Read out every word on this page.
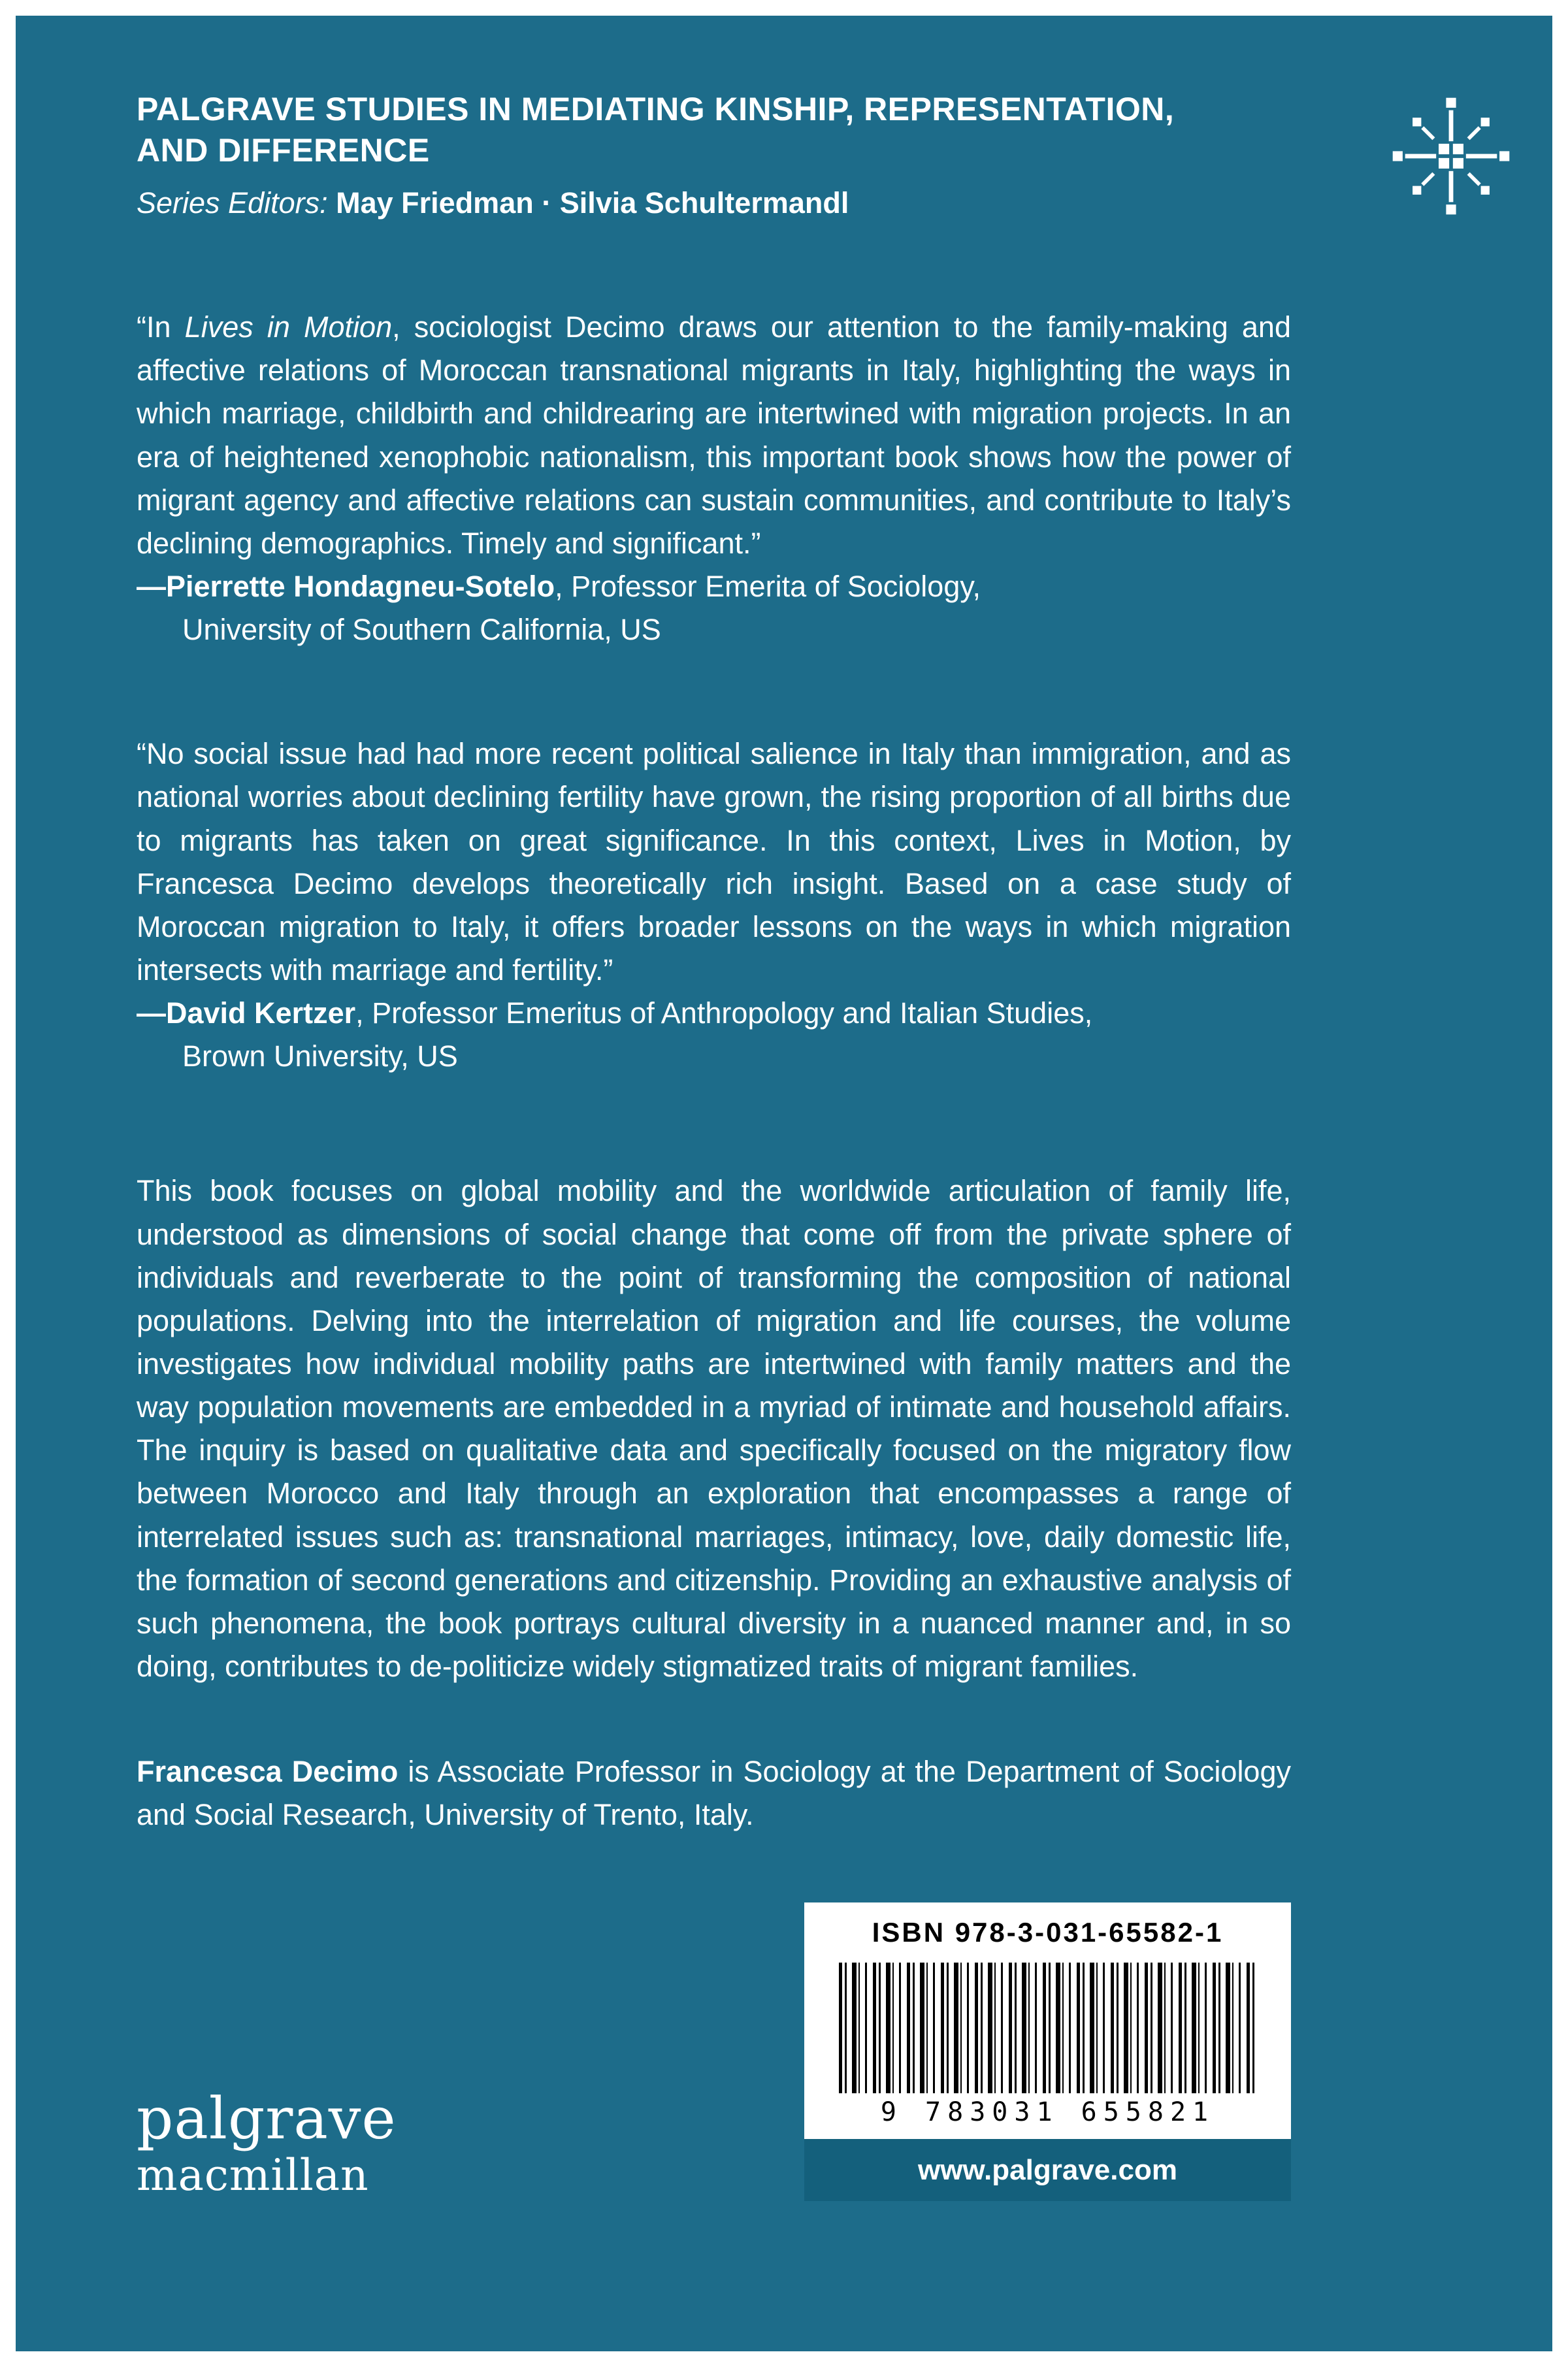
PALGRAVE STUDIES IN MEDIATING KINSHIP, REPRESENTATION,
AND DIFFERENCE
Series Editors: May Friedman · Silvia Schultermandl
“In Lives in Motion, sociologist Decimo draws our attention to the family-making and affective relations of Moroccan transnational migrants in Italy, highlighting the ways in which marriage, childbirth and childrearing are intertwined with migration projects. In an era of heightened xenophobic nationalism, this important book shows how the power of migrant agency and affective relations can sustain communities, and contribute to Italy’s declining demographics. Timely and significant.”
—Pierrette Hondagneu-Sotelo, Professor Emerita of Sociology,
University of Southern California, US
“No social issue had had more recent political salience in Italy than immigration, and as national worries about declining fertility have grown, the rising proportion of all births due to migrants has taken on great significance. In this context, Lives in Motion, by Francesca Decimo develops theoretically rich insight. Based on a case study of Moroccan migration to Italy, it offers broader lessons on the ways in which migration intersects with marriage and fertility.”
—David Kertzer, Professor Emeritus of Anthropology and Italian Studies,
Brown University, US
This book focuses on global mobility and the worldwide articulation of family life, understood as dimensions of social change that come off from the private sphere of individuals and reverberate to the point of transforming the composition of national populations. Delving into the interrelation of migration and life courses, the volume investigates how individual mobility paths are intertwined with family matters and the way population movements are embedded in a myriad of intimate and household affairs. The inquiry is based on qualitative data and specifically focused on the migratory flow between Morocco and Italy through an exploration that encompasses a range of interrelated issues such as: transnational marriages, intimacy, love, daily domestic life, the formation of second generations and citizenship. Providing an exhaustive analysis of such phenomena, the book portrays cultural diversity in a nuanced manner and, in so doing, contributes to de-politicize widely stigmatized traits of migrant families.
Francesca Decimo is Associate Professor in Sociology at the Department of Sociology and Social Research, University of Trento, Italy.
palgrave
macmillan
ISBN 978-3-031-65582-1
9 783031 655821
www.palgrave.com
